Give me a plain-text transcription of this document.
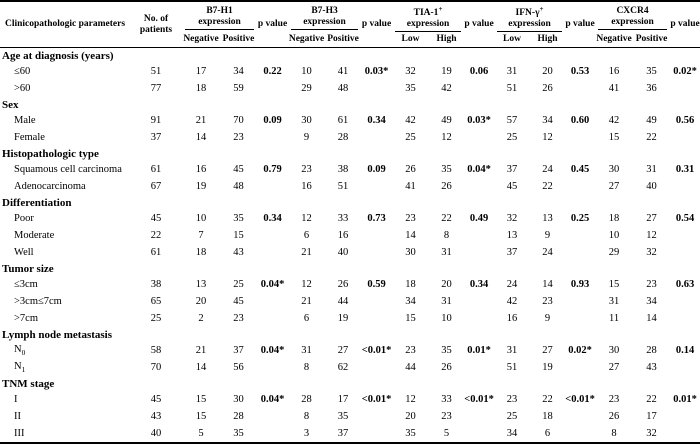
Clinicopathologic parameters	No. of patients	B7-H1 expression		p value	B7-H3 expression		p value	TIA-1+ expression		p value	IFN-γ+ expression		p value	CXCR4 expression		p value
		Negative	Positive		Negative	Positive		Low	High		Low	High		Negative	Positive	
Age at diagnosis (years)																
≤60	51	17	34	0.22	10	41	0.03*	32	19	0.06	31	20	0.53	16	35	0.02*
>60	77	18	59		29	48		35	42		51	26		41	36	
Sex																
Male	91	21	70	0.09	30	61	0.34	42	49	0.03*	57	34	0.60	42	49	0.56
Female	37	14	23		9	28		25	12		25	12		15	22	
Histopathologic type																
Squamous cell carcinoma	61	16	45	0.79	23	38	0.09	26	35	0.04*	37	24	0.45	30	31	0.31
Adenocarcinoma	67	19	48		16	51		41	26		45	22		27	40	
Differentiation																
Poor	45	10	35	0.34	12	33	0.73	23	22	0.49	32	13	0.25	18	27	0.54
Moderate	22	7	15		6	16		14	8		13	9		10	12	
Well	61	18	43		21	40		30	31		37	24		29	32	
Tumor size																
≤3cm	38	13	25	0.04*	12	26	0.59	18	20	0.34	24	14	0.93	15	23	0.63
>3cm≤7cm	65	20	45		21	44		34	31		42	23		31	34	
>7cm	25	2	23		6	19		15	10		16	9		11	14	
Lymph node metastasis																
$N_0$	58	21	37	0.04*	31	27	<0.01*	23	35	0.01*	31	27	0.02*	30	28	0.14
$N_1$	70	14	56		8	62		44	26		51	19		27	43	
TNM stage																
I	45	15	30	0.04*	28	17	<0.01*	12	33	<0.01*	23	22	<0.01*	23	22	0.01*
II	43	15	28		8	35		20	23		25	18		26	17	
III	40	5	35		3	37		35	5		34	6		8	32	
